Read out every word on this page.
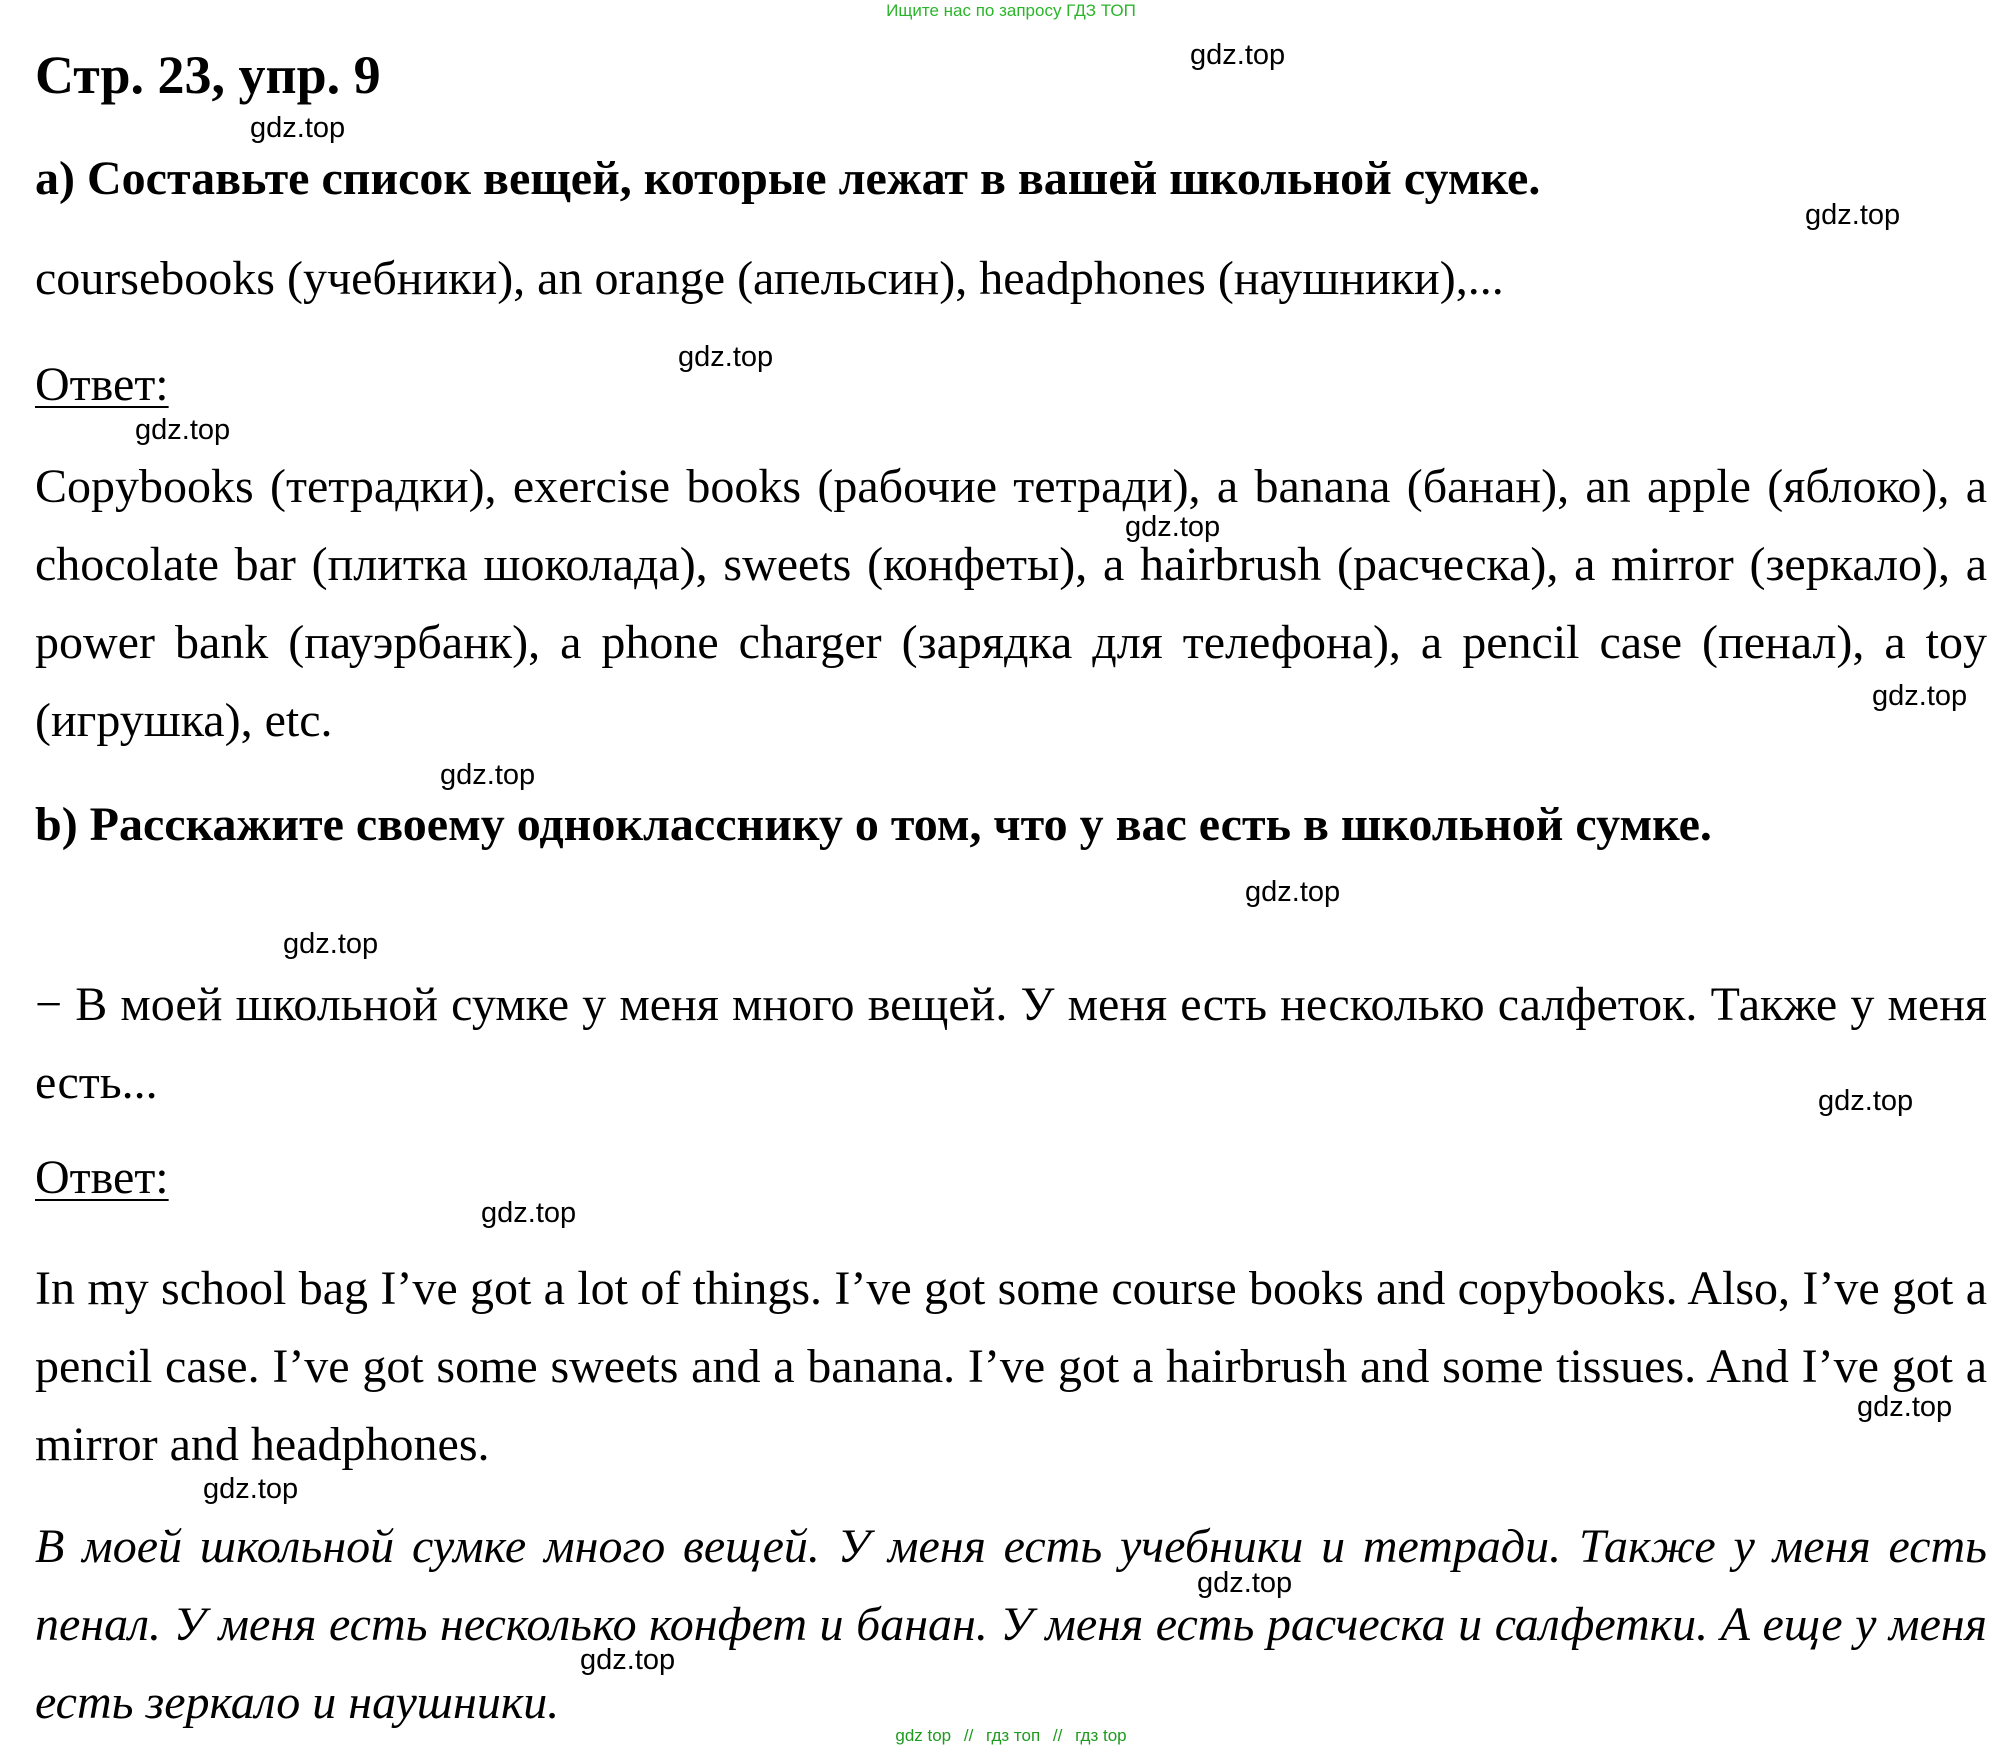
Ищите нас по запросу ГДЗ ТОП
Стр. 23, упр. 9
а) Составьте список вещей, которые лежат в вашей школьной сумке.
coursebooks (учебники), an orange (апельсин), headphones (наушники),...
Ответ:
Copybooks (тетрадки), exercise books (рабочие тетради), a banana (банан), an apple (яблоко), a chocolate bar (плитка шоколада), sweets (конфеты), a hairbrush (расческа), a mirror (зеркало), a power bank (пауэрбанк), a phone charger (зарядка для телефона), a pencil case (пенал), a toy (игрушка), etc.
b) Расскажите своему однокласснику о том, что у вас есть в школьной сумке.
− В моей школьной сумке у меня много вещей. У меня есть несколько салфеток. Также у меня есть...
Ответ:
In my school bag I’ve got a lot of things. I’ve got some course books and copybooks. Also, I’ve got a pencil case. I’ve got some sweets and a banana. I’ve got a hairbrush and some tissues. And I’ve got a mirror and headphones.
В моей школьной сумке много вещей. У меня есть учебники и тетради. Также у меня есть пенал. У меня есть несколько конфет и банан. У меня есть расческа и салфетки. А еще у меня есть зеркало и наушники.
gdz top // гдз топ // гдз top
gdz.top
gdz.top
gdz.top
gdz.top
gdz.top
gdz.top
gdz.top
gdz.top
gdz.top
gdz.top
gdz.top
gdz.top
gdz.top
gdz.top
gdz.top
gdz.top
